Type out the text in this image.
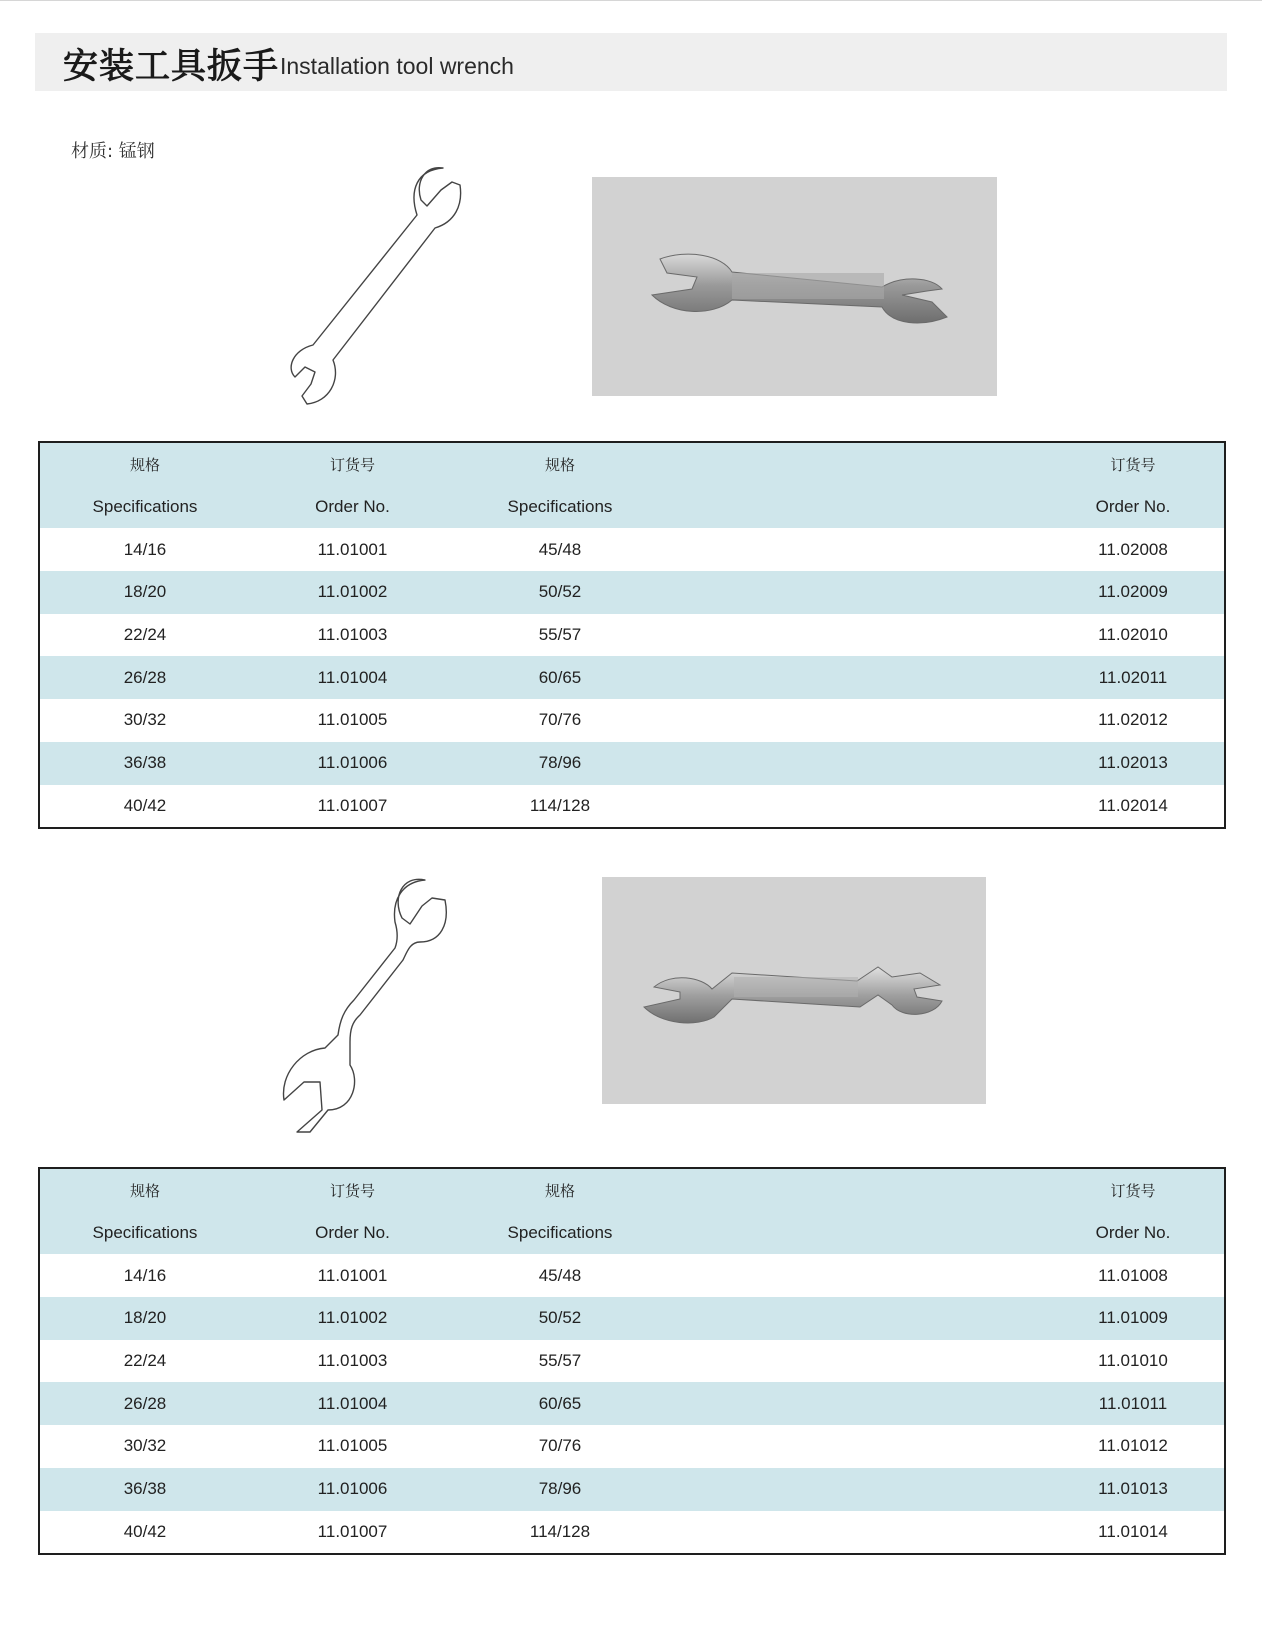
安装工具扳手 Installation tool wrench
材质: 锰钢
规格	订货号	规格	订货号
Specifications	Order No.	Specifications	Order No.
14/16	11.01001	45/48	11.02008
18/20	11.01002	50/52	11.02009
22/24	11.01003	55/57	11.02010
26/28	11.01004	60/65	11.02011
30/32	11.01005	70/76	11.02012
36/38	11.01006	78/96	11.02013
40/42	11.01007	114/128	11.02014
规格	订货号	规格	订货号
Specifications	Order No.	Specifications	Order No.
14/16	11.01001	45/48	11.01008
18/20	11.01002	50/52	11.01009
22/24	11.01003	55/57	11.01010
26/28	11.01004	60/65	11.01011
30/32	11.01005	70/76	11.01012
36/38	11.01006	78/96	11.01013
40/42	11.01007	114/128	11.01014
